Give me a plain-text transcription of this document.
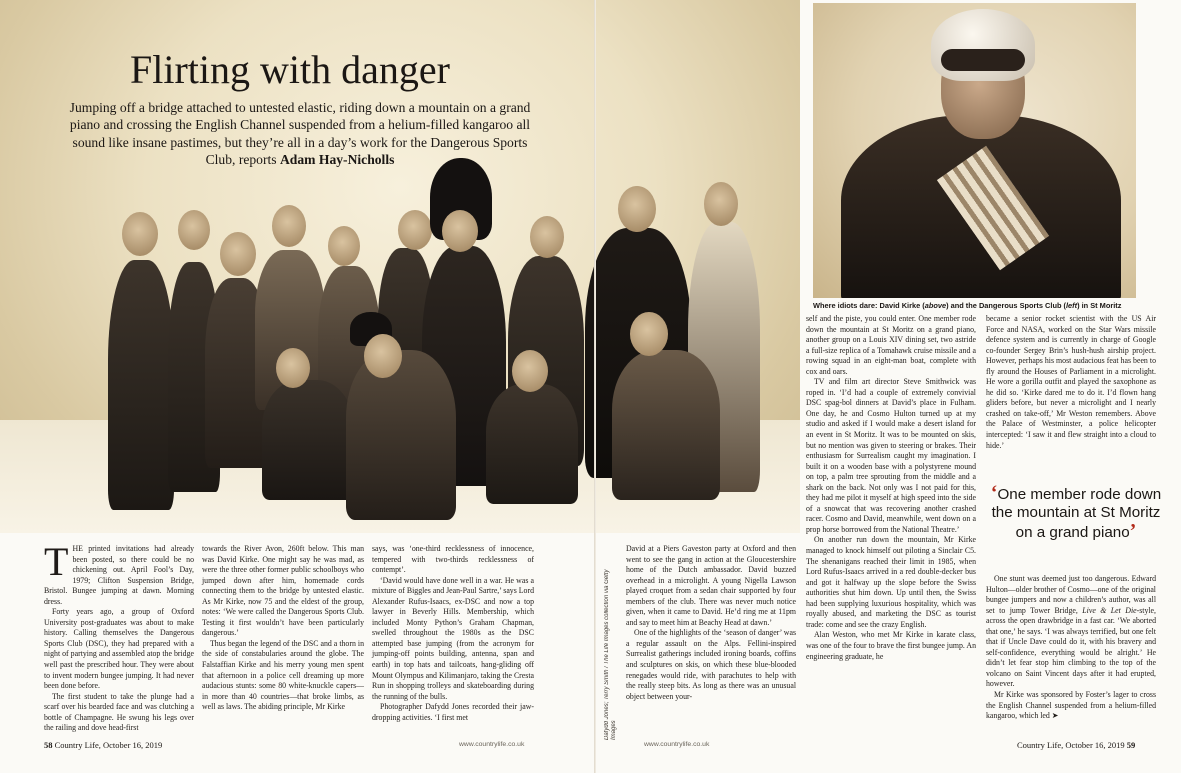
Flirting with danger

Jumping off a bridge attached to untested elastic, riding down a mountain on a grand piano and crossing the English Channel suspended from a helium-filled kangaroo all sound like insane pastimes, but they’re all in a day’s work for the Dangerous Sports Club, reports Adam Hay-Nicholls

Where idiots dare: David Kirke (above) and the Dangerous Sports Club (left) in St Moritz

THE printed invitations had already been posted, so there could be no chickening out. April Fool’s Day, 1979; Clifton Suspension Bridge, Bristol. Bungee jumping at dawn. Morning dress.

Forty years ago, a group of Oxford University post-graduates was about to make history. Calling themselves the Dangerous Sports Club (DSC), they had prepared with a night of partying and assembled atop the bridge well past the prescribed hour. They were about to invent modern bungee jumping. It had never been done before.

The first student to take the plunge had a scarf over his bearded face and was clutching a bottle of Champagne. He swung his legs over the railing and dove head-first

towards the River Avon, 260ft below. This man was David Kirke. One might say he was mad, as were the three other former public schoolboys who jumped down after him, homemade cords connecting them to the bridge by untested elastic. As Mr Kirke, now 75 and the eldest of the group, notes: ‘We were called the Dangerous Sports Club. Testing it first wouldn’t have been particularly dangerous.’

Thus began the legend of the DSC and a thorn in the side of constabularies around the globe. The Falstaffian Kirke and his merry young men spent that afternoon in a police cell dreaming up more audacious stunts: some 80 white-knuckle capers—in more than 40 countries—that broke limbs, as well as laws. The abiding principle, Mr Kirke

says, was ‘one-third recklessness of innocence, tempered with two-thirds recklessness of contempt’.

‘David would have done well in a war. He was a mixture of Biggles and Jean-Paul Sartre,’ says Lord Alexander Rufus-Isaacs, ex-DSC and now a top lawyer in Beverly Hills. Membership, which included Monty Python’s Graham Chapman, swelled throughout the 1980s as the DSC attempted base jumping (from the acronym for jumping-off points building, antenna, span and earth) in top hats and tailcoats, hang-gliding off Mount Olympus and Kilimanjaro, taking the Cresta Run in shopping trolleys and skateboarding during the running of the bulls.

Photographer Dafydd Jones recorded their jaw-dropping activities. ‘I first met	Dafydd Jones; Terry Smith / The Life Images collection via Getty Images

David at a Piers Gaveston party at Oxford and then went to see the gang in action at the Gloucestershire home of the Dutch ambassador. David buzzed overhead in a microlight. A young Nigella Lawson played croquet from a sedan chair supported by four members of the club. There was never much notice given, when it came to David. He’d ring me at 11pm and say to meet him at Beachy Head at dawn.’

One of the highlights of the ‘season of danger’ was a regular assault on the Alps. Fellini-inspired Surrealist gatherings included ironing boards, coffins and sculptures on skis, on which these blue-blooded renegades would ride, with parachutes to help with the really steep bits. As long as there was an unusual object between your-

self and the piste, you could enter. One member rode down the mountain at St Moritz on a grand piano, another group on a Louis XIV dining set, two astride a full-size replica of a Tomahawk cruise missile and a rowing squad in an eight-man boat, complete with cox and oars.

TV and film art director Steve Smithwick was roped in. ‘I’d had a couple of extremely convivial DSC spag-bol dinners at David’s place in Fulham. One day, he and Cosmo Hulton turned up at my studio and asked if I would make a desert island for an event in St Moritz. It was to be mounted on skis, but no mention was given to steering or brakes. Their enthusiasm for Surrealism caught my imagination. I built it on a wooden base with a polystyrene mound on top, a palm tree sprouting from the middle and a shark on the back. Not only was I not paid for this, they had me pilot it myself at high speed into the side of a snowcat that was recovering another crashed racer. Cosmo and David, meanwhile, went down on a prop horse borrowed from the National Theatre.’

On another run down the mountain, Mr Kirke managed to knock himself out piloting a Sinclair C5. The shenanigans reached their limit in 1985, when Lord Rufus-Isaacs arrived in a red double-decker bus and got it halfway up the slope before the Swiss authorities shut him down. Up until then, the Swiss had been supplying luxurious hospitality, which was royally abused, and marketing the DSC as tourist trade: come and see the crazy English.

Alan Weston, who met Mr Kirke in karate class, was one of the four to brave the first bungee jump. An engineering graduate, he

became a senior rocket scientist with the US Air Force and NASA, worked on the Star Wars missile defence system and is currently in charge of Google co-founder Sergey Brin’s hush-hush airship project. However, perhaps his most audacious feat has been to fly around the Houses of Parliament in a microlight. He wore a gorilla outfit and played the saxophone as he did so. ‘Kirke dared me to do it. I’d flown hang gliders before, but never a microlight and I nearly crashed on take-off,’ Mr Weston remembers. Above the Palace of Westminster, a police helicopter intercepted: ‘I saw it and flew straight into a cloud to hide.’

‘One member rode down the mountain at St Moritz on a grand piano’

One stunt was deemed just too dangerous. Edward Hulton—older brother of Cosmo—one of the original bungee jumpers and now a children’s author, was all set to jump Tower Bridge, Live & Let Die-style, across the open drawbridge in a fast car. ‘We aborted that one,’ he says. ‘I was always terrified, but one felt that if Uncle Dave could do it, with his bravery and self-confidence, everything would be alright.’ He didn’t let fear stop him climbing to the top of the volcano on Saint Vincent days after it had erupted, however.

Mr Kirke was sponsored by Foster’s lager to cross the English Channel suspended from a helium-filled kangaroo, which led ➤

58 Country Life, October 16, 2019	www.countrylife.co.uk	www.countrylife.co.uk	Country Life, October 16, 2019 59
